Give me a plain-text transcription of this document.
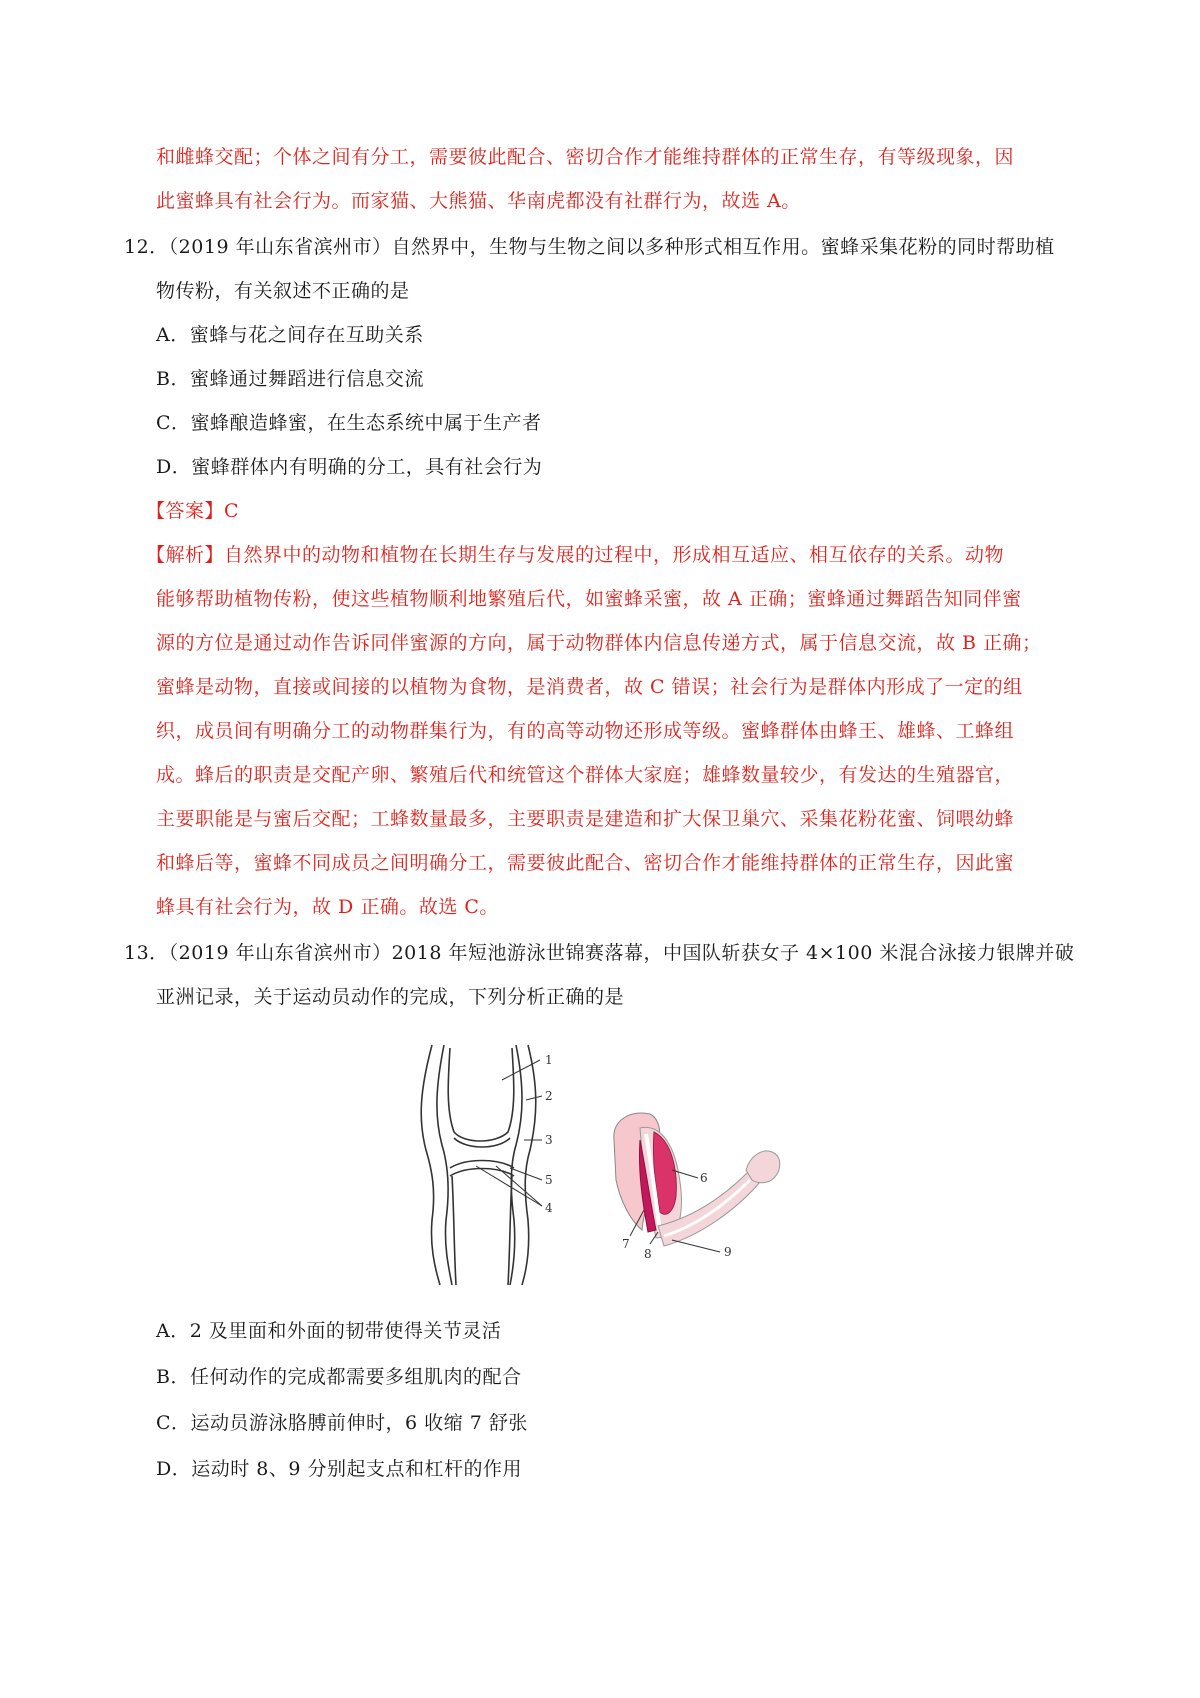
和雌蜂交配；个体之间有分工，需要彼此配合、密切合作才能维持群体的正常生存，有等级现象，因
此蜜蜂具有社会行为。而家猫、大熊猫、华南虎都没有社群行为，故选 A。
12．（2019 年山东省滨州市）自然界中，生物与生物之间以多种形式相互作用。蜜蜂采集花粉的同时帮助植
物传粉，有关叙述不正确的是
A．蜜蜂与花之间存在互助关系
B．蜜蜂通过舞蹈进行信息交流
C．蜜蜂酿造蜂蜜，在生态系统中属于生产者
D．蜜蜂群体内有明确的分工，具有社会行为
【答案】C
【解析】自然界中的动物和植物在长期生存与发展的过程中，形成相互适应、相互依存的关系。动物
能够帮助植物传粉，使这些植物顺利地繁殖后代，如蜜蜂采蜜，故 A 正确；蜜蜂通过舞蹈告知同伴蜜
源的方位是通过动作告诉同伴蜜源的方向，属于动物群体内信息传递方式，属于信息交流，故 B 正确；
蜜蜂是动物，直接或间接的以植物为食物，是消费者，故 C 错误；社会行为是群体内形成了一定的组
织，成员间有明确分工的动物群集行为，有的高等动物还形成等级。蜜蜂群体由蜂王、雄蜂、工蜂组
成。蜂后的职责是交配产卵、繁殖后代和统管这个群体大家庭；雄蜂数量较少，有发达的生殖器官，
主要职能是与蜜后交配；工蜂数量最多，主要职责是建造和扩大保卫巢穴、采集花粉花蜜、饲喂幼蜂
和蜂后等，蜜蜂不同成员之间明确分工，需要彼此配合、密切合作才能维持群体的正常生存，因此蜜
蜂具有社会行为，故 D 正确。故选 C。
13．（2019 年山东省滨州市）2018 年短池游泳世锦赛落幕，中国队斩获女子 4×100 米混合泳接力银牌并破
亚洲记录，关于运动员动作的完成，下列分析正确的是
1
2
3
5
4
6
7
8	9
A．2 及里面和外面的韧带使得关节灵活
B．任何动作的完成都需要多组肌肉的配合
C．运动员游泳胳膊前伸时，6 收缩 7 舒张
D．运动时 8、9 分别起支点和杠杆的作用
